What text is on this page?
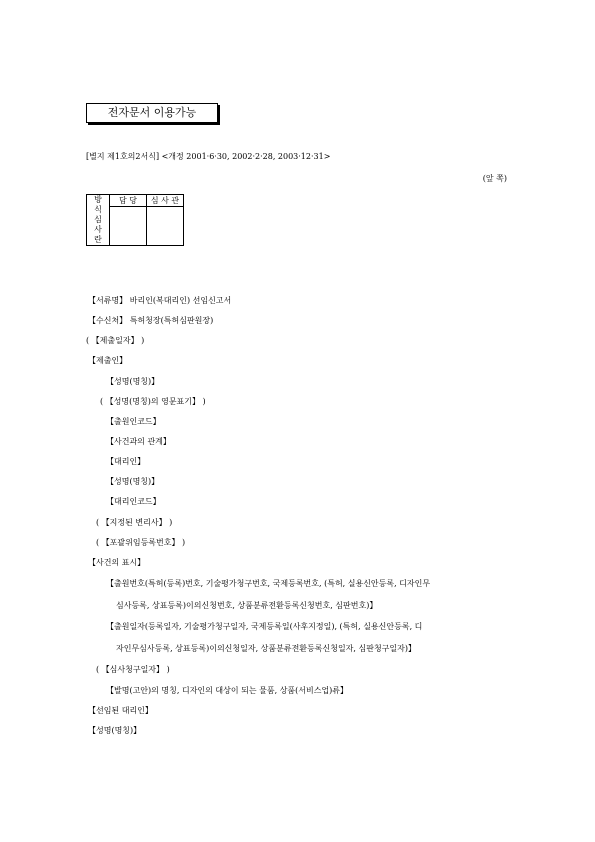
전자문서 이용가능
[별지 제1호의2서식] <개정 2001·6·30, 2002·2·28, 2003·12·31>
(앞 쪽)
방
식
심
사
란	담 당	심 사 관

【서류명】 바리인(복대리인) 선임신고서
【수신처】 특허청장(특허심판원장)
( 【제출일자】 )
【제출인】
【성명(명칭)】
( 【성명(명칭)의 영문표기】 )
【출원인코드】
【사건과의 관계】
【대리인】
【성명(명칭)】
【대리인코드】
( 【지정된 변리사】 )
( 【포괄위임등록번호】 )
【사건의 표시】
【출원번호(특허(등록)번호, 기술평가청구번호, 국제등록번호, (특허, 실용신안등록, 디자인무
심사등록, 상표등록)이의신청번호, 상품분류전환등록신청번호, 심판번호)】
【출원일자(등록일자, 기술평가청구일자, 국제등록일(사후지정일), (특허, 실용신안등록, 디
자인무심사등록, 상표등록)이의신청일자, 상품분류전환등록신청일자, 심판청구일자)】
( 【심사청구일자】 )
【발명(고안)의 명칭, 디자인의 대상이 되는 물품, 상품(서비스업)류】
【선임된 대리인】
【성명(명칭)】
